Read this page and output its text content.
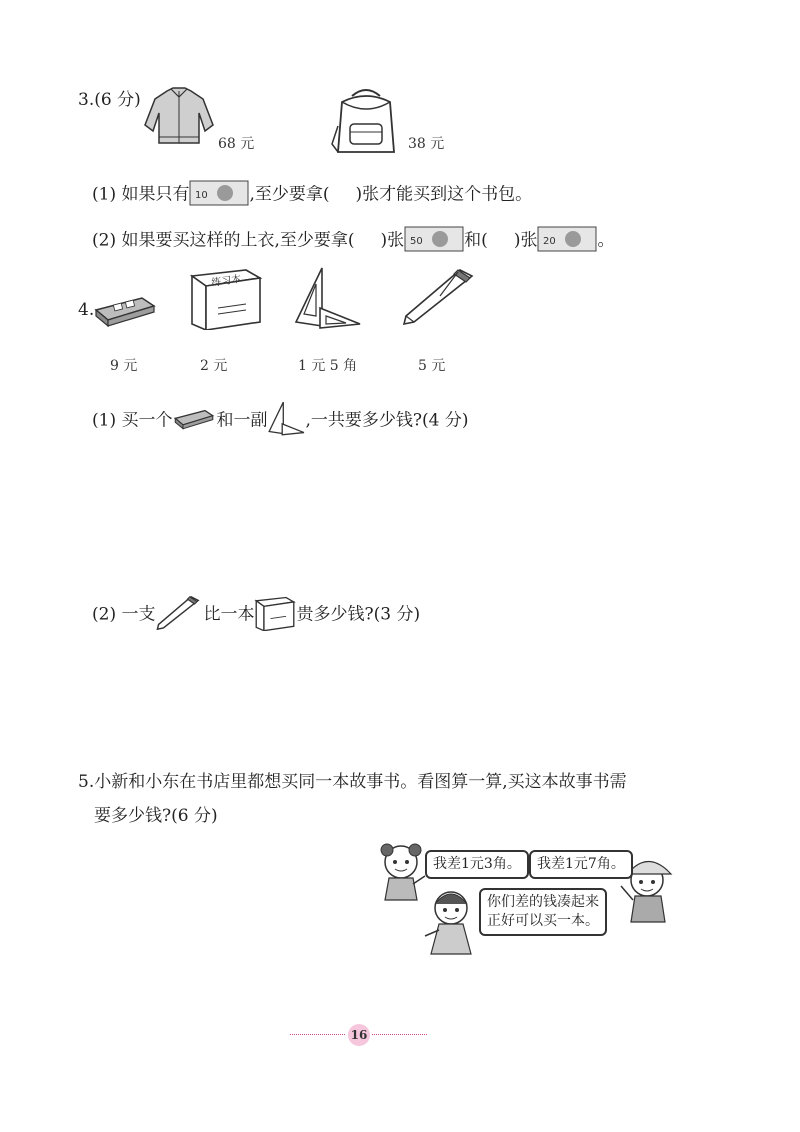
3.(6 分)
68 元	38 元
(1) 如果只有 10 ,至少要拿( )张才能买到这个书包。
(2) 如果要买这样的上衣,至少要拿( )张 50 和( )张 20 。
4.
练习本
9 元	2 元	1 元 5 角	5 元
(1) 买一个	和一副 ,一共要多少钱?(4 分)
(2) 一支	比一本 贵多少钱?(3 分)
5.小新和小东在书店里都想买同一本故事书。看图算一算,买这本故事书需
要多少钱?(6 分)
我差1元3角。	我差1元7角。
你们差的钱凑起来
正好可以买一本。
16
